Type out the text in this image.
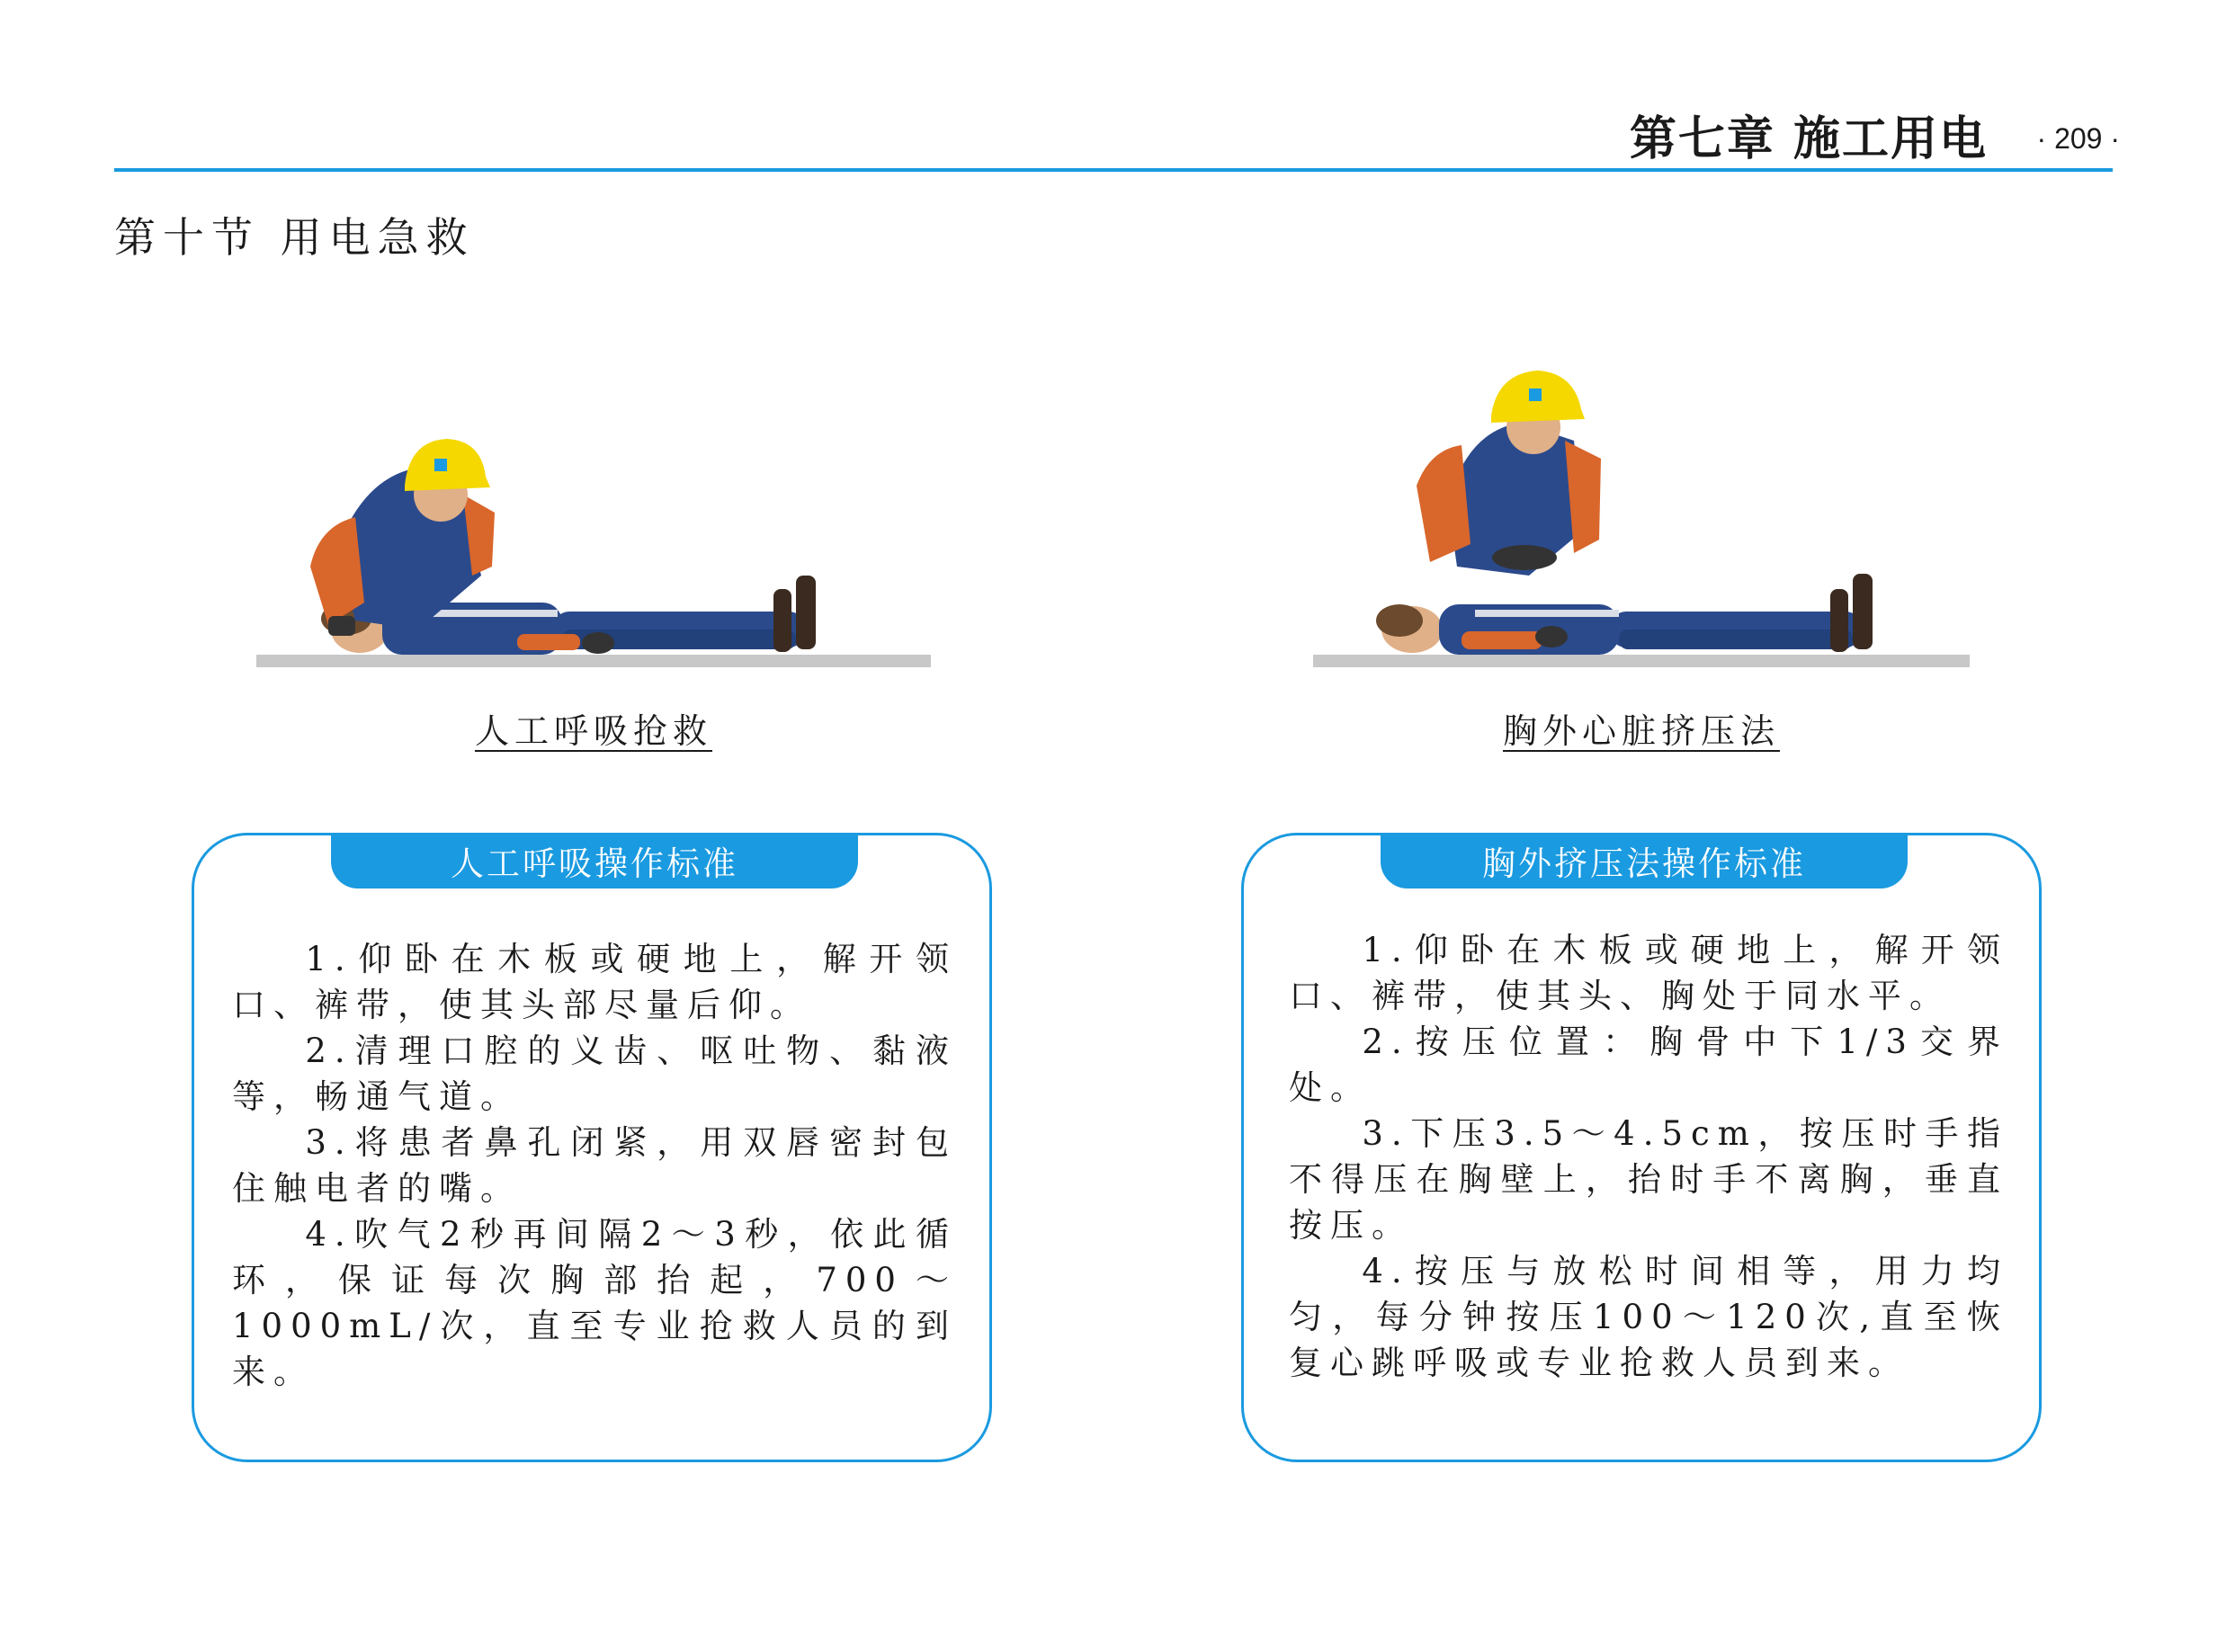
第七章 施工用电 · 209 ·
第十节 用电急救
人工呼吸抢救	胸外心脏挤压法
人工呼吸操作标准

1.仰卧在木板或硬地上，解开领口、裤带，使其头部尽量后仰。

2.清理口腔的义齿、呕吐物、黏液等，畅通气道。

3.将患者鼻孔闭紧，用双唇密封包住触电者的嘴。

4.吹气2秒再间隔2～3秒，依此循环，保证每次胸部抬起，700～1000mL/次，直至专业抢救人员的到来。

胸外挤压法操作标准

1.仰卧在木板或硬地上，解开领口、裤带，使其头、胸处于同水平。

2.按压位置：胸骨中下1/3交界处。

3.下压3.5～4.5cm，按压时手指不得压在胸壁上，抬时手不离胸，垂直按压。

4.按压与放松时间相等，用力均匀，每分钟按压100～120次,直至恢复心跳呼吸或专业抢救人员到来。
